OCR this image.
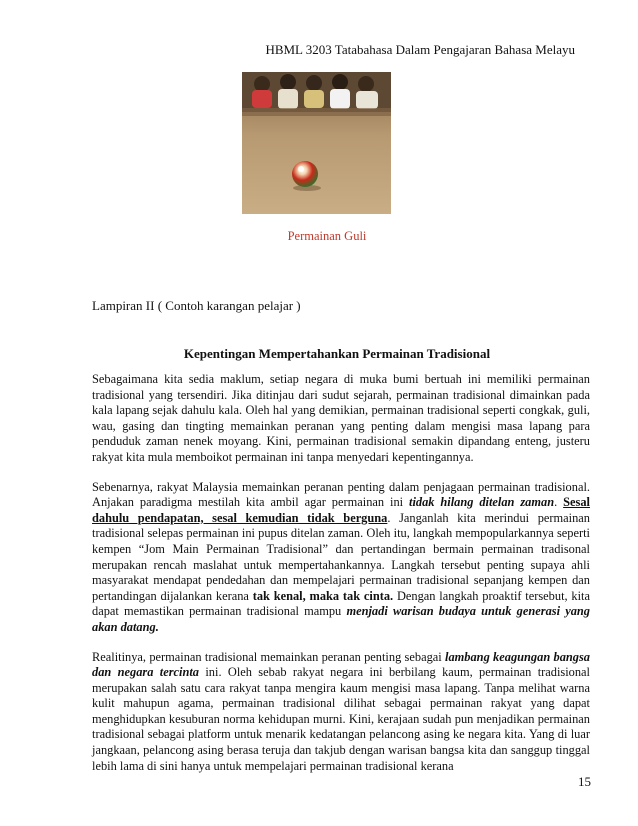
HBML 3203 Tatabahasa Dalam Pengajaran Bahasa Melayu
Permainan Guli
Lampiran II ( Contoh karangan pelajar )
Kepentingan Mempertahankan Permainan Tradisional

Sebagaimana kita sedia maklum, setiap negara di muka bumi bertuah ini memiliki permainan tradisional yang tersendiri. Jika ditinjau dari sudut sejarah, permainan tradisional dimainkan pada kala lapang sejak dahulu kala. Oleh hal yang demikian, permainan tradisional seperti congkak, guli, wau, gasing dan tingting memainkan peranan yang penting dalam mengisi masa lapang para penduduk zaman nenek moyang. Kini, permainan tradisional semakin dipandang enteng, justeru rakyat kita mula memboikot permainan ini tanpa menyedari kepentingannya.

Sebenarnya, rakyat Malaysia memainkan peranan penting dalam penjagaan permainan tradisional. Anjakan paradigma mestilah kita ambil agar permainan ini tidak hilang ditelan zaman. Sesal dahulu pendapatan, sesal kemudian tidak berguna. Janganlah kita merindui permainan tradisional selepas permainan ini pupus ditelan zaman. Oleh itu, langkah mempopularkannya seperti kempen “Jom Main Permainan Tradisional” dan pertandingan bermain permainan tradisonal merupakan rencah maslahat untuk mempertahankannya. Langkah tersebut penting supaya ahli masyarakat mendapat pendedahan dan mempelajari permainan tradisional sepanjang kempen dan pertandingan dijalankan kerana tak kenal, maka tak cinta. Dengan langkah proaktif tersebut, kita dapat memastikan permainan tradisional mampu menjadi warisan budaya untuk generasi yang akan datang.

Realitinya, permainan tradisional memainkan peranan penting sebagai lambang keagungan bangsa dan negara tercinta ini. Oleh sebab rakyat negara ini berbilang kaum, permainan tradisional merupakan salah satu cara rakyat tanpa mengira kaum mengisi masa lapang. Tanpa melihat warna kulit mahupun agama, permainan tradisional dilihat sebagai permainan rakyat yang dapat menghidupkan kesuburan norma kehidupan murni. Kini, kerajaan sudah pun menjadikan permainan tradisional sebagai platform untuk menarik kedatangan pelancong asing ke negara kita. Yang di luar jangkaan, pelancong asing berasa teruja dan takjub dengan warisan bangsa kita dan sanggup tinggal lebih lama di sini hanya untuk mempelajari permainan tradisional kerana

15
